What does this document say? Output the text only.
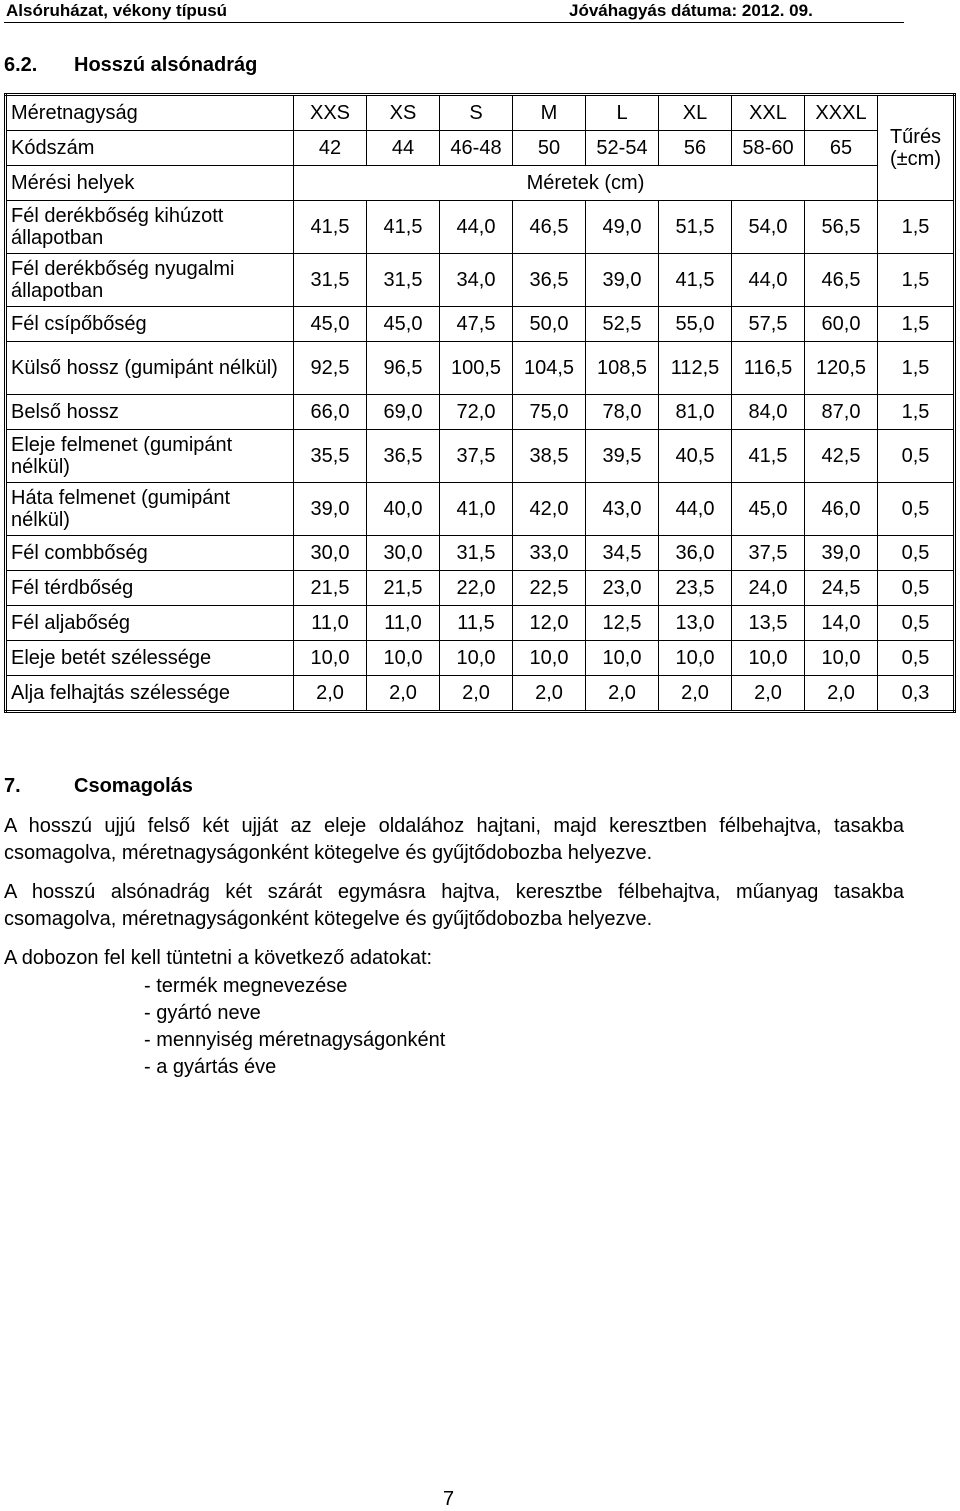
Alsóruházat, vékony típusú	Jóváhagyás dátuma: 2012. 09.
6.2. Hosszú alsónadrág
Méretnagyság	XXS	XS	S	M	L	XL	XXL	XXXL	Tűrés (±cm)
Kódszám	42	44	46-48	50	52-54	56	58-60	65	
Mérési helyek	Méretek (cm)								

Fél derékbőség kihúzott állapotban	41,5	41,5	44,0	46,5	49,0	51,5	54,0	56,5	1,5

Fél derékbőség nyugalmi állapotban	31,5	31,5	34,0	36,5	39,0	41,5	44,0	46,5	1,5
Fél csípőbőség	45,0	45,0	47,5	50,0	52,5	55,0	57,5	60,0	1,5

Külső hossz (gumipánt nélkül)	92,5	96,5	100,5	104,5	108,5	112,5	116,5	120,5	1,5
Belső hossz	66,0	69,0	72,0	75,0	78,0	81,0	84,0	87,0	1,5

Eleje felmenet (gumipánt nélkül)	35,5	36,5	37,5	38,5	39,5	40,5	41,5	42,5	0,5

Háta felmenet (gumipánt nélkül)	39,0	40,0	41,0	42,0	43,0	44,0	45,0	46,0	0,5
Fél combbőség	30,0	30,0	31,5	33,0	34,5	36,0	37,5	39,0	0,5
Fél térdbőség	21,5	21,5	22,0	22,5	23,0	23,5	24,0	24,5	0,5
Fél aljabőség	11,0	11,0	11,5	12,0	12,5	13,0	13,5	14,0	0,5
Eleje betét szélessége	10,0	10,0	10,0	10,0	10,0	10,0	10,0	10,0	0,5
Alja felhajtás szélessége	2,0	2,0	2,0	2,0	2,0	2,0	2,0	2,0	0,3
7.	Csomagolás
A hosszú ujjú felső két ujját az eleje oldalához hajtani, majd keresztben félbehajtva, tasakba csomagolva, méretnagyságonként kötegelve és gyűjtődobozba helyezve.
A hosszú alsónadrág két szárát egymásra hajtva, keresztbe félbehajtva, műanyag tasakba csomagolva, méretnagyságonként kötegelve és gyűjtődobozba helyezve.
A dobozon fel kell tüntetni a következő adatokat:
- termék megnevezése
- gyártó neve
- mennyiség méretnagyságonként
- a gyártás éve
7
